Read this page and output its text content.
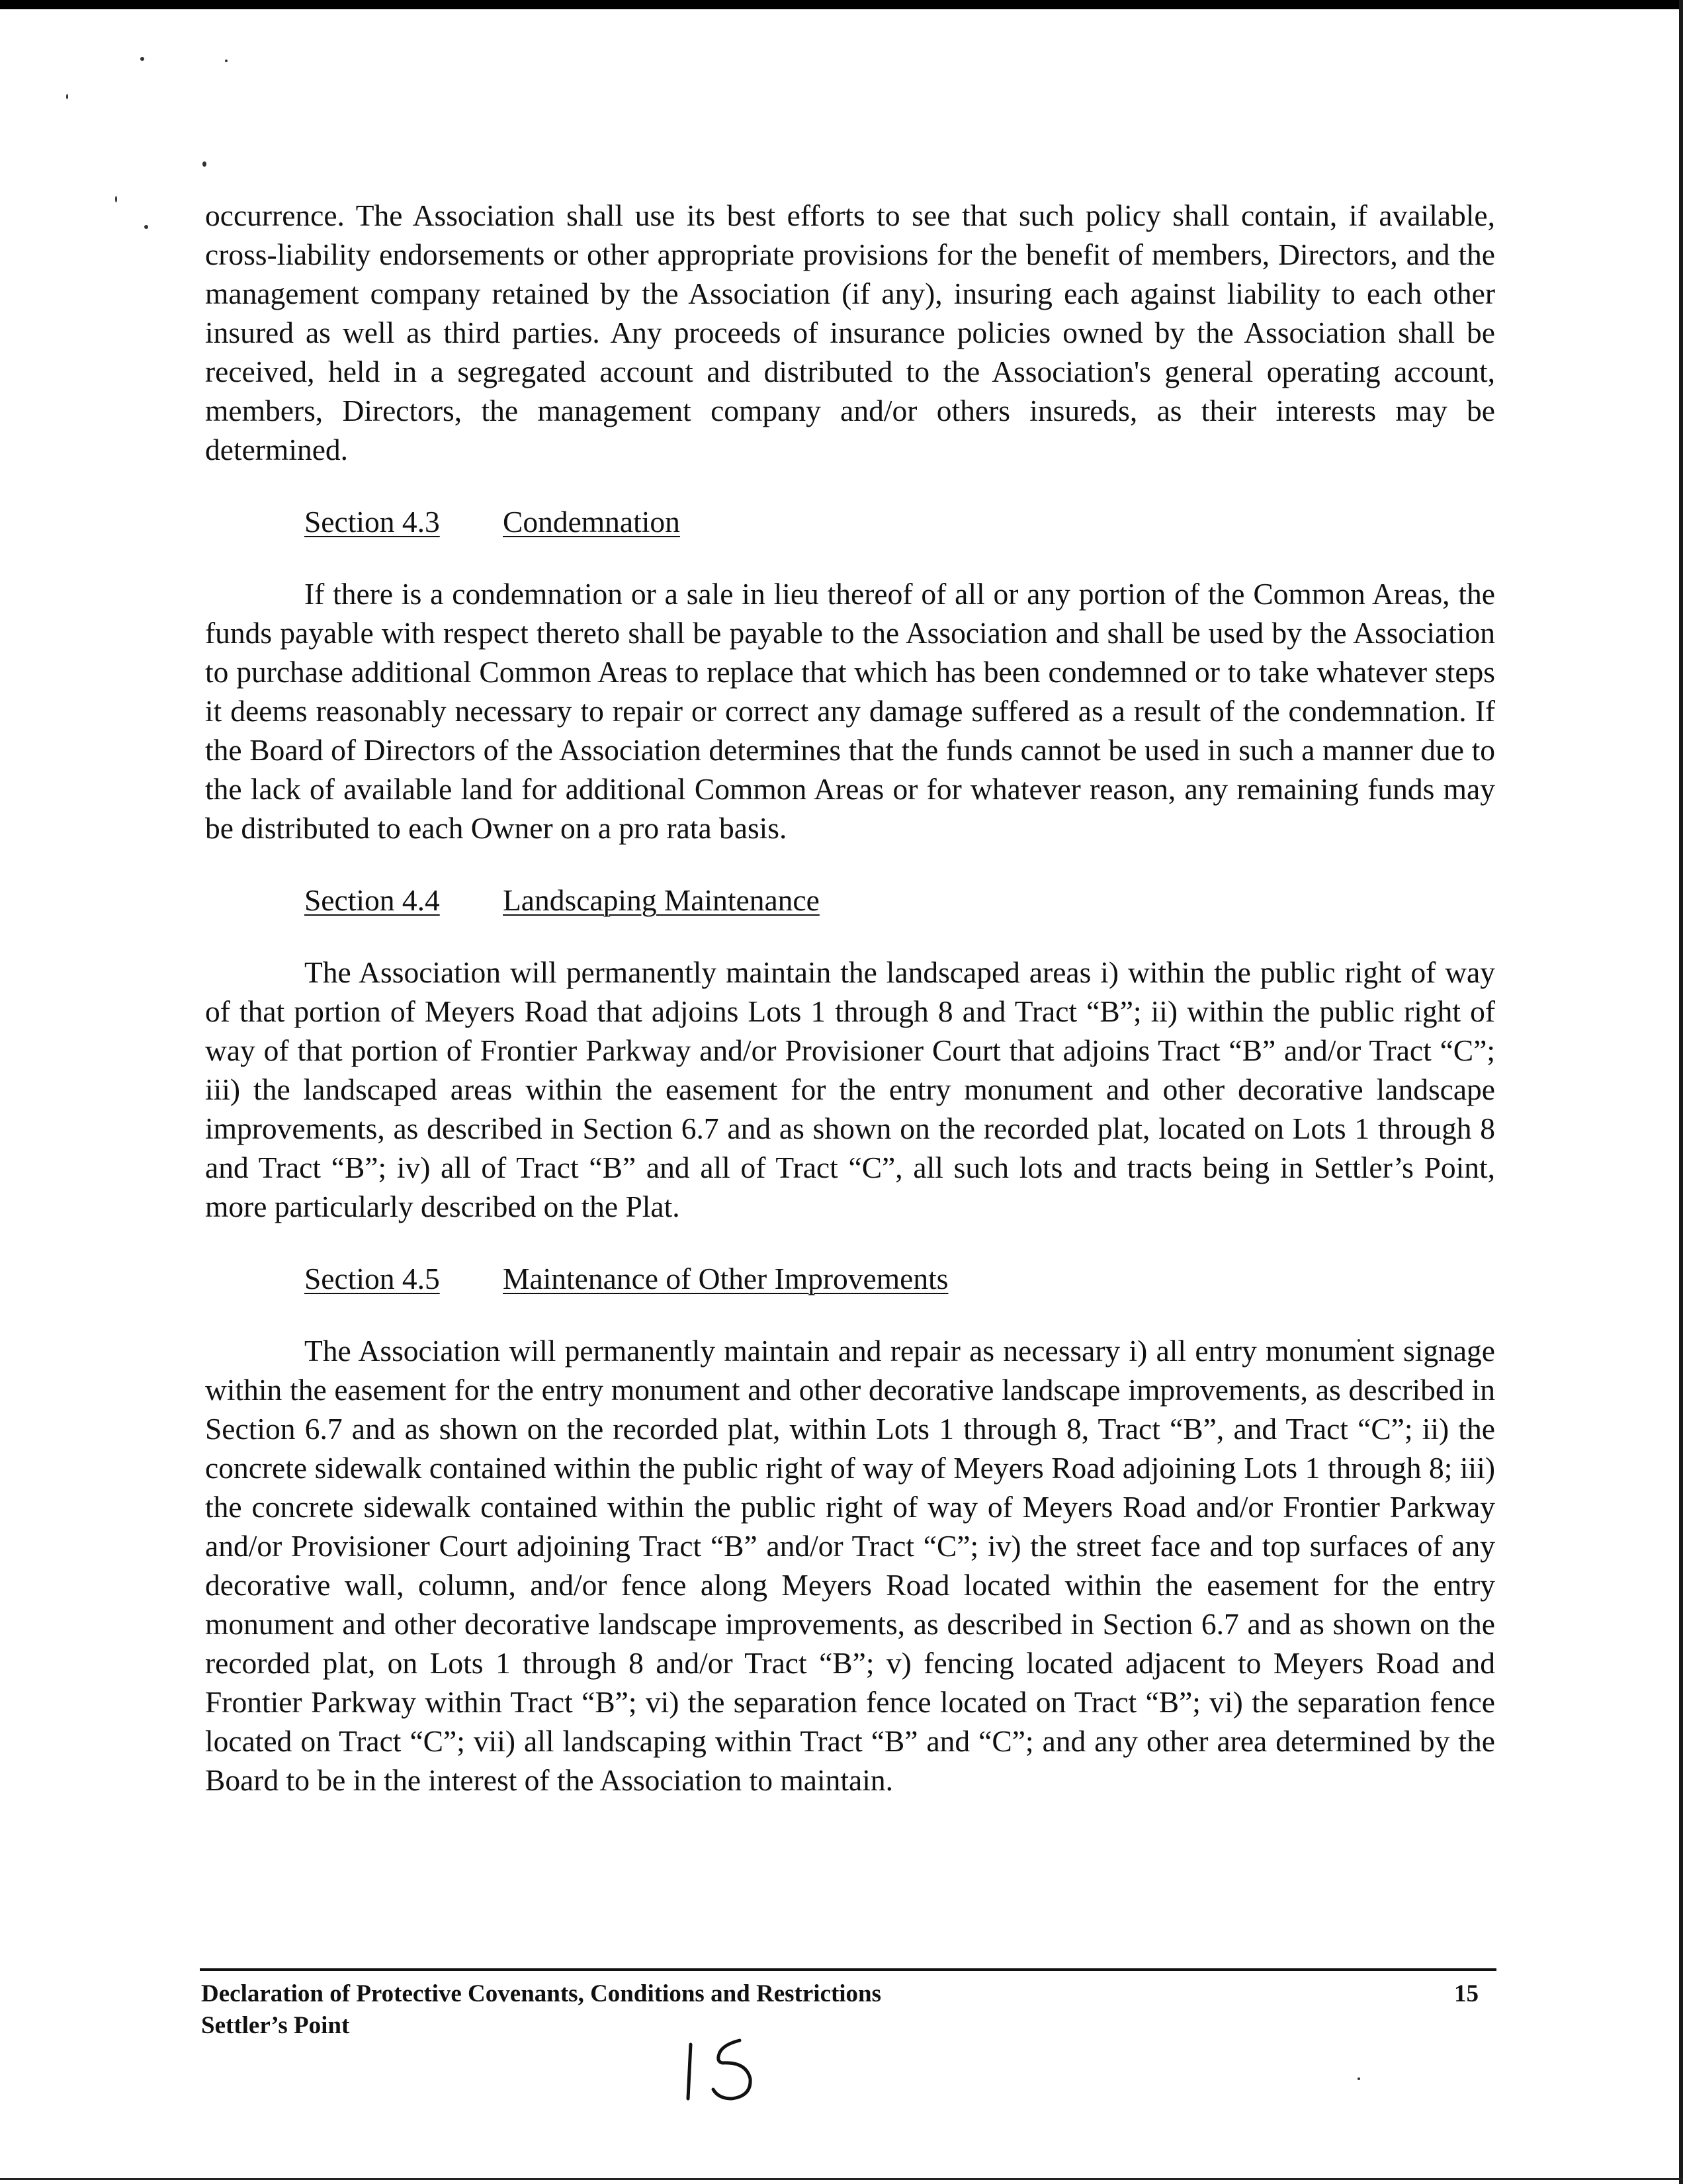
occurrence. The Association shall use its best efforts to see that such policy shall contain, if available, cross-liability endorsements or other appropriate provisions for the benefit of members, Directors, and the management company retained by the Association (if any), insuring each against liability to each other insured as well as third parties. Any proceeds of insurance policies owned by the Association shall be received, held in a segregated account and distributed to the Association's general operating account, members, Directors, the management company and/or others insureds, as their interests may be determined.

Section 4.3 Condemnation

If there is a condemnation or a sale in lieu thereof of all or any portion of the Common Areas, the funds payable with respect thereto shall be payable to the Association and shall be used by the Association to purchase additional Common Areas to replace that which has been condemned or to take whatever steps it deems reasonably necessary to repair or correct any damage suffered as a result of the condemnation. If the Board of Directors of the Association determines that the funds cannot be used in such a manner due to the lack of available land for additional Common Areas or for whatever reason, any remaining funds may be distributed to each Owner on a pro rata basis.

Section 4.4 Landscaping Maintenance

The Association will permanently maintain the landscaped areas i) within the public right of way of that portion of Meyers Road that adjoins Lots 1 through 8 and Tract “B”; ii) within the public right of way of that portion of Frontier Parkway and/or Provisioner Court that adjoins Tract “B” and/or Tract “C”; iii) the landscaped areas within the easement for the entry monument and other decorative landscape improvements, as described in Section 6.7 and as shown on the recorded plat, located on Lots 1 through 8 and Tract “B”; iv) all of Tract “B” and all of Tract “C”, all such lots and tracts being in Settler’s Point, more particularly described on the Plat.

Section 4.5 Maintenance of Other Improvements

The Association will permanently maintain and repair as necessary i) all entry monument signage within the easement for the entry monument and other decorative landscape improvements, as described in Section 6.7 and as shown on the recorded plat, within Lots 1 through 8, Tract “B”, and Tract “C”; ii) the concrete sidewalk contained within the public right of way of Meyers Road adjoining Lots 1 through 8; iii) the concrete sidewalk contained within the public right of way of Meyers Road and/or Frontier Parkway and/or Provisioner Court adjoining Tract “B” and/or Tract “C”; iv) the street face and top surfaces of any decorative wall, column, and/or fence along Meyers Road located within the easement for the entry monument and other decorative landscape improvements, as described in Section 6.7 and as shown on the recorded plat, on Lots 1 through 8 and/or Tract “B”; v) fencing located adjacent to Meyers Road and Frontier Parkway within Tract “B”; vi) the separation fence located on Tract “B”; vi) the separation fence located on Tract “C”; vii) all landscaping within Tract “B” and “C”; and any other area determined by the Board to be in the interest of the Association to maintain.

Declaration of Protective Covenants, Conditions and Restrictions
Settler’s Point
15
